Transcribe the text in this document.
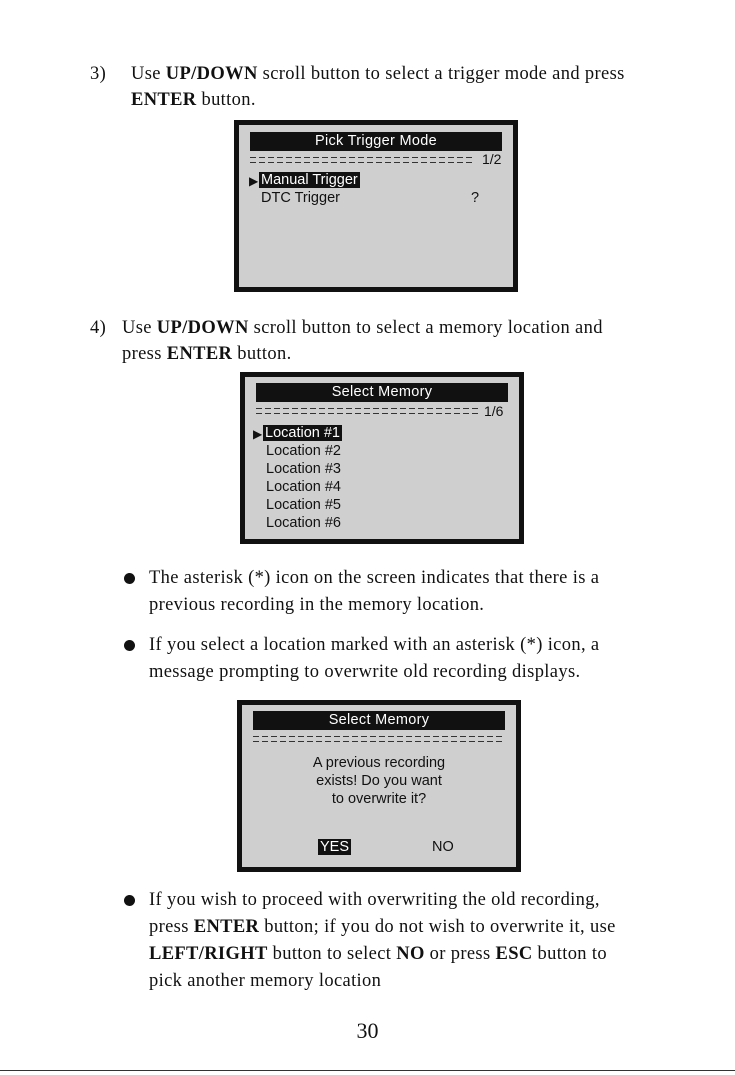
3) Use UP/DOWN scroll button to select a trigger mode and press
ENTER button.
Pick Trigger Mode
1/2
▶ Manual Trigger
DTC Trigger	?
4) Use UP/DOWN scroll button to select a memory location and
press ENTER button.
Select Memory
1/6
▶ Location #1
Location #2
Location #3
Location #4
Location #5
Location #6
The asterisk (*) icon on the screen indicates that there is a
previous recording in the memory location.
If you select a location marked with an asterisk (*) icon, a
message prompting to overwrite old recording displays.
Select Memory
A previous recording
exists! Do you want
to overwrite it?
YES	NO
If you wish to proceed with overwriting the old recording,
press ENTER button; if you do not wish to overwrite it, use
LEFT/RIGHT button to select NO or press ESC button to
pick another memory location
30
